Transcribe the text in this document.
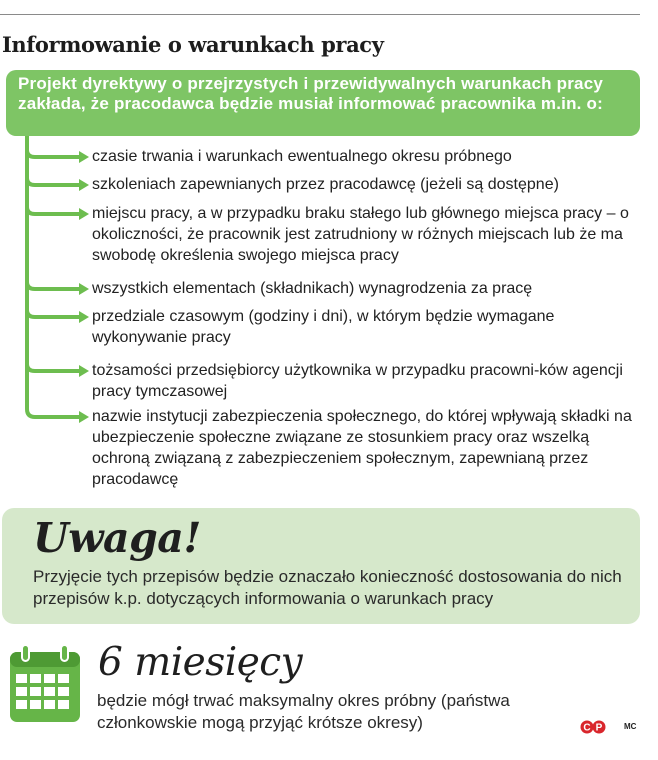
Informowanie o warunkach pracy

Projekt dyrektywy o przejrzystych i przewidywalnych warunkach pracy zakłada, że pracodawca będzie musiał informować pracownika m.in. o:

czasie trwania i warunkach ewentualnego okresu próbnego
szkoleniach zapewnianych przez pracodawcę (jeżeli są dostępne)
miejscu pracy, a w przypadku braku stałego lub głównego miejsca pracy – o okoliczności, że pracownik jest zatrudniony w różnych miejscach lub że ma swobodę określenia swojego miejsca pracy
wszystkich elementach (składnikach) wynagrodzenia za pracę
przedziale czasowym (godziny i dni), w którym będzie wymagane wykonywanie pracy
tożsamości przedsiębiorcy użytkownika w przypadku pracowni-ków agencji pracy tymczasowej
nazwie instytucji zabezpieczenia społecznego, do której wpływają składki na ubezpieczenie społeczne związane ze stosunkiem pracy oraz wszelką ochroną związaną z zabezpieczeniem społecznym, zapewnianą przez pracodawcę
Uwaga!
Przyjęcie tych przepisów będzie oznaczało konieczność dostosowania do nich przepisów k.p. dotyczących informowania o warunkach pracy
6 miesięcy
będzie mógł trwać maksymalny okres próbny (państwa członkowskie mogą przyjąć krótsze okresy)	C P	MC
